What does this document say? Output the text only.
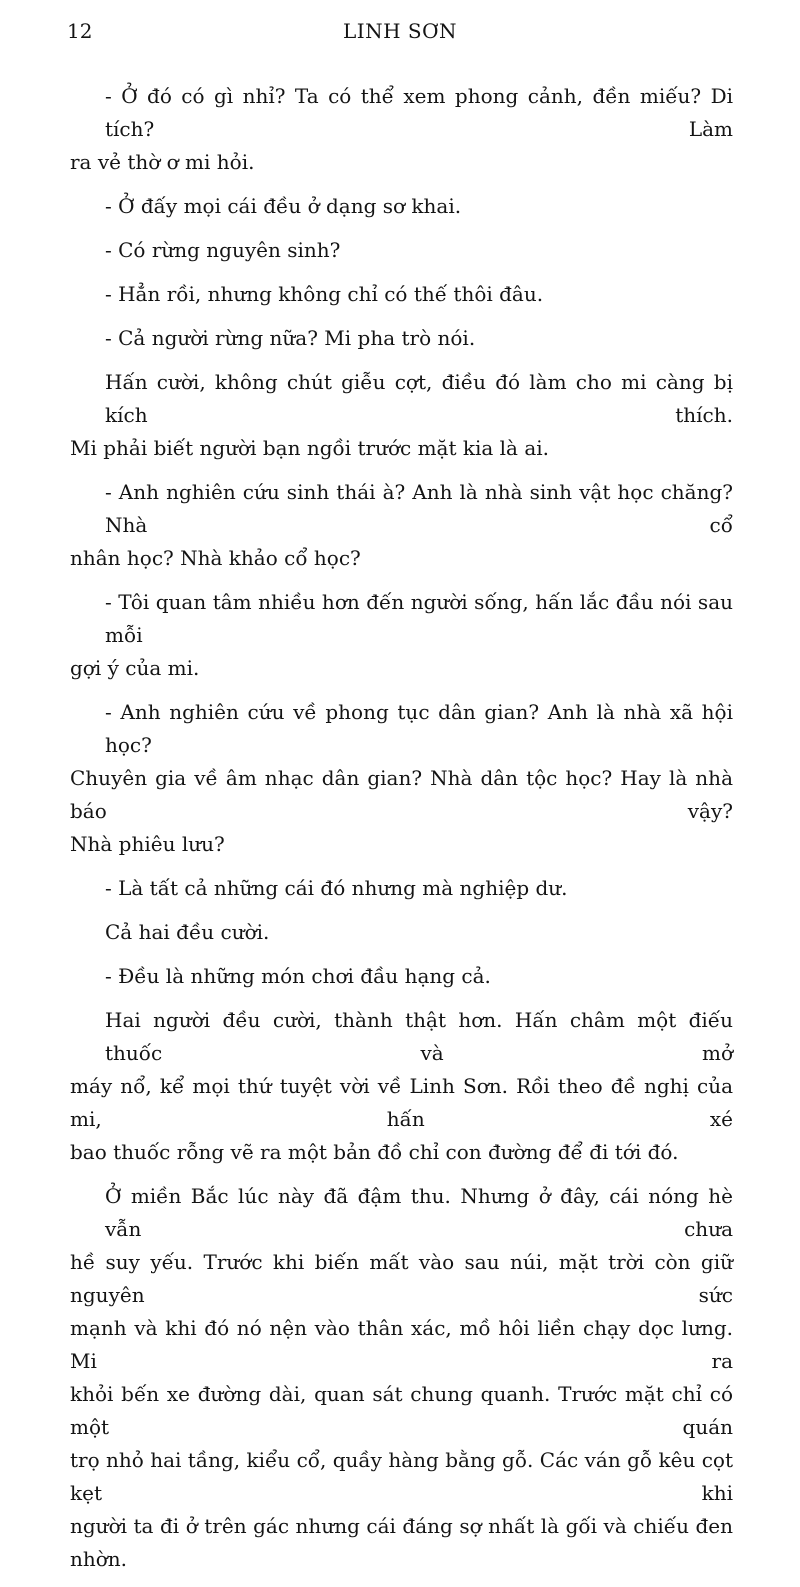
12	LINH SƠN

- Ở đó có gì nhỉ? Ta có thể xem phong cảnh, đền miếu? Di tích? Làm
ra vẻ thờ ơ mi hỏi.

- Ở đấy mọi cái đều ở dạng sơ khai.

- Có rừng nguyên sinh?

- Hẳn rồi, nhưng không chỉ có thế thôi đâu.

- Cả người rừng nữa? Mi pha trò nói.

Hấn cười, không chút giễu cợt, điều đó làm cho mi càng bị kích thích.
Mi phải biết người bạn ngồi trước mặt kia là ai.

- Anh nghiên cứu sinh thái à? Anh là nhà sinh vật học chăng? Nhà cổ
nhân học? Nhà khảo cổ học?

- Tôi quan tâm nhiều hơn đến người sống, hấn lắc đầu nói sau mỗi
gợi ý của mi.

- Anh nghiên cứu về phong tục dân gian? Anh là nhà xã hội học?
Chuyên gia về âm nhạc dân gian? Nhà dân tộc học? Hay là nhà báo vậy?
Nhà phiêu lưu?

- Là tất cả những cái đó nhưng mà nghiệp dư.

Cả hai đều cười.

- Đều là những món chơi đầu hạng cả.

Hai người đều cười, thành thật hơn. Hấn châm một điếu thuốc và mở
máy nổ, kể mọi thứ tuyệt vời về Linh Sơn. Rồi theo đề nghị của mi, hấn xé
bao thuốc rỗng vẽ ra một bản đồ chỉ con đường để đi tới đó.

Ở miền Bắc lúc này đã đậm thu. Nhưng ở đây, cái nóng hè vẫn chưa
hề suy yếu. Trước khi biến mất vào sau núi, mặt trời còn giữ nguyên sức
mạnh và khi đó nó nện vào thân xác, mồ hôi liền chạy dọc lưng. Mi ra
khỏi bến xe đường dài, quan sát chung quanh. Trước mặt chỉ có một quán
trọ nhỏ hai tầng, kiểu cổ, quầy hàng bằng gỗ. Các ván gỗ kêu cọt kẹt khi
người ta đi ở trên gác nhưng cái đáng sợ nhất là gối và chiếu đen nhờn.
